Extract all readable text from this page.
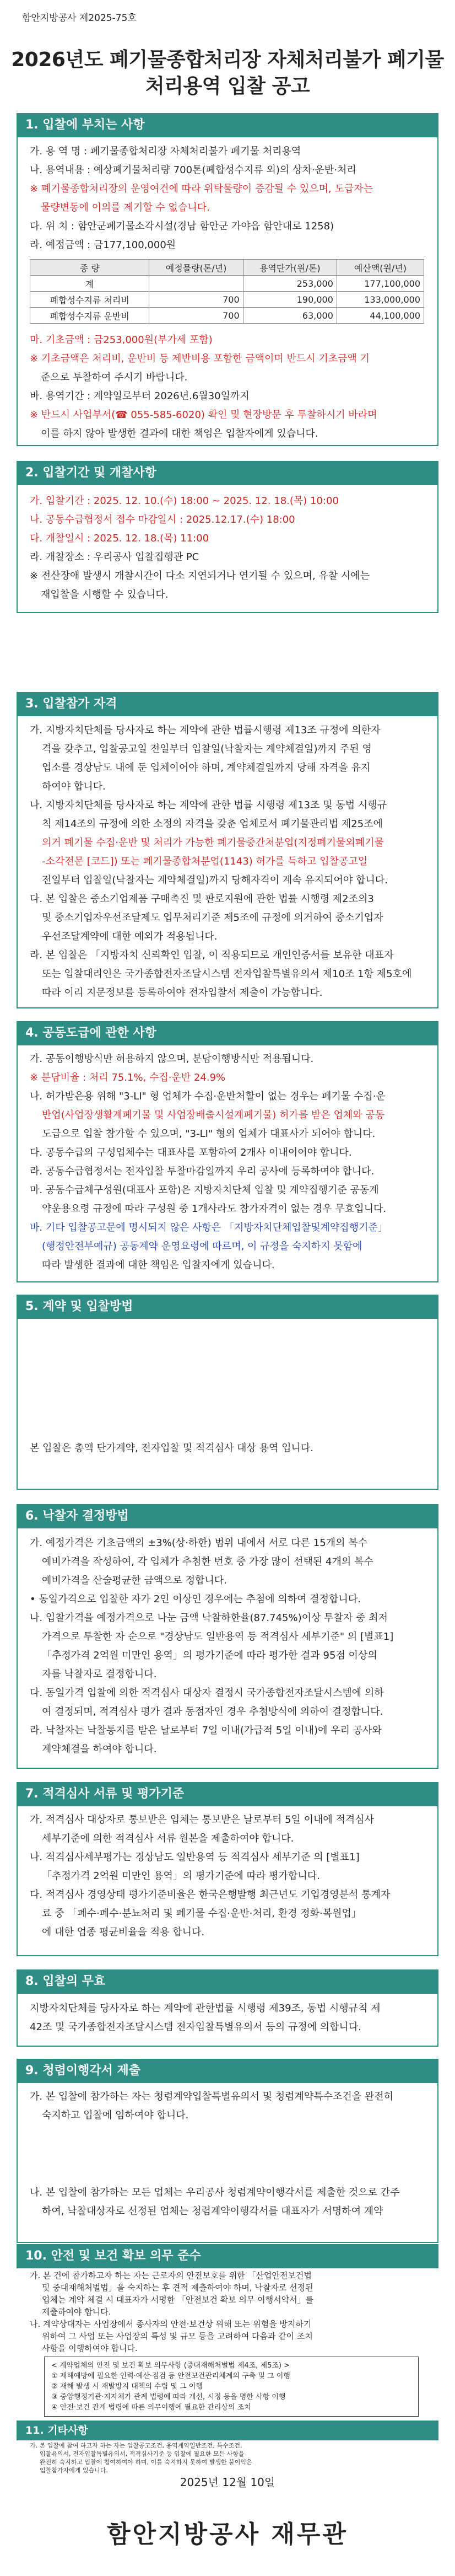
함안지방공사 제2025-75호
2026년도 폐기물종합처리장 자체처리불가 폐기물
처리용역 입찰 공고
1. 입찰에 부치는 사항
가. 용 역 명 : 폐기물종합처리장 자체처리불가 폐기물 처리용역
나. 용역내용 : 예상폐기물처리량 700톤(폐합성수지류 외)의 상차·운반·처리
※ 폐기물종합처리장의 운영여건에 따라 위탁물량이 증감될 수 있으며, 도급자는
물량변동에 이의를 제기할 수 없습니다.
다. 위 치 : 함안군폐기물소각시설(경남 함안군 가야읍 함안대로 1258)
라. 예정금액 : 금177,100,000원
종 량	예정물량(톤/년)	용역단가(원/톤)	예산액(원/년)
계		253,000	177,100,000
폐합성수지류 처리비	700	190,000	133,000,000
폐합성수지류 운반비	700	63,000	44,100,000
마. 기초금액 : 금253,000원(부가세 포함)
※ 기초금액은 처리비, 운반비 등 제반비용 포함한 금액이며 반드시 기초금액 기
준으로 투찰하여 주시기 바랍니다.
바. 용역기간 : 계약일로부터 2026년.6월30일까지
※ 반드시 사업부서(☎ 055-585-6020) 확인 및 현장방문 후 투찰하시기 바라며
이를 하지 않아 발생한 결과에 대한 책임은 입찰자에게 있습니다.
2. 입찰기간 및 개찰사항
가. 입찰기간 : 2025. 12. 10.(수) 18:00 ~ 2025. 12. 18.(목) 10:00
나. 공동수급협정서 접수 마감일시 : 2025.12.17.(수) 18:00
다. 개찰일시 : 2025. 12. 18.(목) 11:00
라. 개찰장소 : 우리공사 입찰집행관 PC
※ 전산장애 발생시 개찰시간이 다소 지연되거나 연기될 수 있으며, 유찰 시에는
재입찰을 시행할 수 있습니다.
3. 입찰참가 자격
가. 지방자치단체를 당사자로 하는 계약에 관한 법률시행령 제13조 규정에 의한자
격을 갖추고, 입찰공고일 전일부터 입찰일(낙찰자는 계약체결일)까지 주된 영
업소를 경상남도 내에 둔 업체이어야 하며, 계약체결일까지 당해 자격을 유지
하여야 합니다.
나. 지방자치단체를 당사자로 하는 계약에 관한 법률 시행령 제13조 및 동법 시행규
칙 제14조의 규정에 의한 소정의 자격을 갖춘 업체로서 폐기물관리법 제25조에
의거 폐기물 수집·운반 및 처리가 가능한 폐기물중간처분업(지정폐기물외폐기물
-소각전문 [코드]) 또는 폐기물종합처분업(1143) 허가를 득하고 입찰공고일
전일부터 입찰일(낙찰자는 계약체결일)까지 당해자격이 계속 유지되어야 합니다.
다. 본 입찰은 중소기업제품 구매촉진 및 판로지원에 관한 법률 시행령 제2조의3
및 중소기업자우선조달제도 업무처리기준 제5조에 규정에 의거하여 중소기업자
우선조달계약에 대한 예외가 적용됩니다.
라. 본 입찰은 「지방자치 신뢰확인 입찰, 이 적용되므로 개인인증서를 보유한 대표자
또는 입찰대리인은 국가종합전자조달시스템 전자입찰특별유의서 제10조 1항 제5호에
따라 이리 지문정보를 등록하여야 전자입찰서 제출이 가능합니다.
4. 공동도급에 관한 사항
가. 공동이행방식만 허용하지 않으며, 분담이행방식만 적용됩니다.
※ 분담비율 : 처리 75.1%, 수집·운반 24.9%
나. 허가받은용 위해 "3-LI" 형 업체가 수집·운반처할이 없는 경우는 폐기물 수집·운
반업(사업장생활계폐기물 및 사업장배출시설계폐기물) 허가를 받은 업체와 공동
도급으로 입찰 참가할 수 있으며, "3-LI" 형의 업체가 대표사가 되어야 합니다.
다. 공동수급의 구성업체수는 대표사를 포함하여 2개사 이내이어야 합니다.
라. 공동수급협정서는 전자입찰 투찰마감일까지 우리 공사에 등록하여야 합니다.
마. 공동수급체구성원(대표사 포함)은 지방자치단체 입찰 및 계약집행기준 공동계
약운용요령 규정에 따라 구성원 중 1개사라도 참가자격이 없는 경우 무효입니다.
바. 기타 입찰공고문에 명시되지 않은 사항은 「지방자치단체입찰및계약집행기준」
(행정안전부예규) 공동계약 운영요령에 따르며, 이 규정을 숙지하지 못함에
따라 발생한 결과에 대한 책임은 입찰자에게 있습니다.
5. 계약 및 입찰방법
본 입찰은 총액 단가계약, 전자입찰 및 적격심사 대상 용역 입니다.
6. 낙찰자 결정방법
가. 예정가격은 기초금액의 ±3%(상·하한) 범위 내에서 서로 다른 15개의 복수
예비가격을 작성하여, 각 업체가 추첨한 번호 중 가장 많이 선택된 4개의 복수
예비가격을 산술평균한 금액으로 정합니다.
• 동일가격으로 입찰한 자가 2인 이상인 경우에는 추첨에 의하여 결정합니다.
나. 입찰가격을 예정가격으로 나눈 금액 낙찰하한율(87.745%)이상 투찰자 중 최저
가격으로 투찰한 자 순으로 "경상남도 일반용역 등 적격심사 세부기준" 의 [별표1]
「추정가격 2억원 미만인 용역」의 평가기준에 따라 평가한 결과 95점 이상의
자를 낙찰자로 결정합니다.
다. 동일가격 입찰에 의한 적격심사 대상자 결정시 국가종합전자조달시스템에 의하
여 결정되며, 적격심사 평가 결과 동점자인 경우 추첨방식에 의하여 결정합니다.
라. 낙찰자는 낙찰통지를 받은 날로부터 7일 이내(가급적 5일 이내)에 우리 공사와
계약체결을 하여야 합니다.
7. 적격심사 서류 및 평가기준
가. 적격심사 대상자로 통보받은 업체는 통보받은 날로부터 5일 이내에 적격심사
세부기준에 의한 적격심사 서류 원본을 제출하여야 합니다.
나. 적격심사세부평가는 경상남도 일반용역 등 적격심사 세부기준 의 [별표1]
「추정가격 2억원 미만인 용역」의 평가기준에 따라 평가합니다.
다. 적격심사 경영상태 평가기준비율은 한국은행발행 최근년도 기업경영분석 통계자
료 중 「폐수·폐수·분뇨처리 및 폐기물 수집·운반·처리, 환경 정화·복원업」
에 대한 업종 평균비율을 적용 합니다.
8. 입찰의 무효
지방자치단체를 당사자로 하는 계약에 관한법률 시행령 제39조, 동법 시행규칙 제
42조 및 국가종합전자조달시스템 전자입찰특별유의서 등의 규정에 의합니다.
9. 청렴이행각서 제출
가. 본 입찰에 참가하는 자는 청렴계약입찰특별유의서 및 청렴계약특수조건을 완전히
숙지하고 입찰에 임하여야 합니다.
나. 본 입찰에 참가하는 모든 업체는 우리공사 청렴계약이행각서를 제출한 것으로 간주
하여, 낙찰대상자로 선정된 업체는 청렴계약이행각서를 대표자가 서명하여 계약
10. 안전 및 보건 확보 의무 준수
가. 본 건에 참가하고자 하는 자는 근로자의 안전보호를 위한 「산업안전보건법
및 중대재해처벌법」을 숙지하는 후 견적 제출하여야 하며, 낙찰자로 선정된
업체는 계약 체결 시 대표자가 서명한 「안전보건 확보 의무 이행서약서」를
제출하여야 합니다.
나. 계약상대자는 사업장에서 종사자의 안전·보건상 위해 또는 위험을 방지하기
위하여 그 사업 또는 사업장의 특성 및 규모 등을 고려하여 다음과 같이 조치
사항을 이행하여야 합니다.
< 계약업체의 안전 및 보건 확보 의무사항 (중대재해처벌법 제4조, 제5조) >
① 재해예방에 필요한 인력·예산·점검 등 안전보건관리체계의 구축 및 그 이행
② 재해 발생 시 재발방지 대책의 수립 및 그 이행
③ 중앙행정기관·지자체가 관계 법령에 따라 개선, 시정 등을 명한 사항 이행
④ 안전·보건 관계 법령에 따른 의무이행에 필요한 관리상의 조치
11. 기타사항
가. 본 입찰에 참여 하고자 하는 자는 입찰공고조건, 용역계약일반조건, 특수조건,
입찰유의서, 전자입찰특별유의서, 적격심사기준 등 입찰에 필요한 모든 사항을
완전히 숙지하고 입찰에 참여하여야 하며, 이를 숙지하지 못하여 발생한 불이익은
입찰참가자에게 있습니다.
2025년 12월 10일
함안지방공사 재무관
